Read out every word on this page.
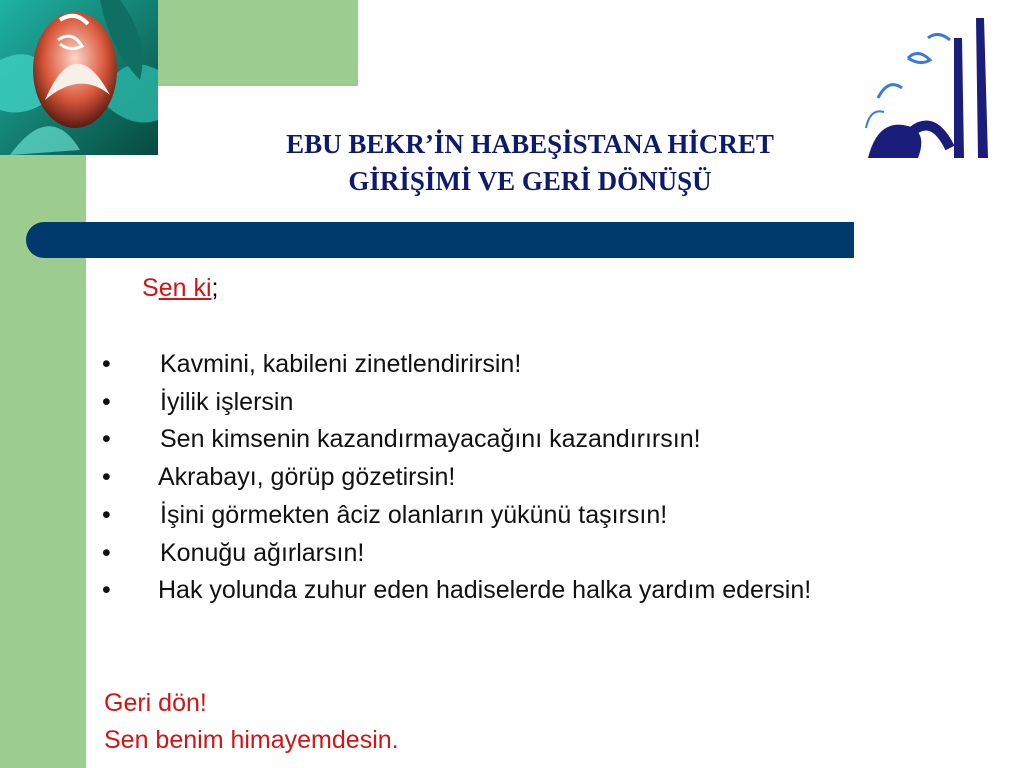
EBU BEKR’İN HABEŞİSTANA HİCRET
GİRİŞİMİ VE GERİ DÖNÜŞÜ
Sen ki;
• Kavmini, kabileni zinetlendirirsin!
• İyilik işlersin
• Sen kimsenin kazandırmayacağını kazandırırsın!
• Akrabayı, görüp gözetirsin!
• İşini görmekten âciz olanların yükünü taşırsın!
• Konuğu ağırlarsın!
• Hak yolunda zuhur eden hadiselerde halka yardım edersin!
Geri dön!
Sen benim himayemdesin.
